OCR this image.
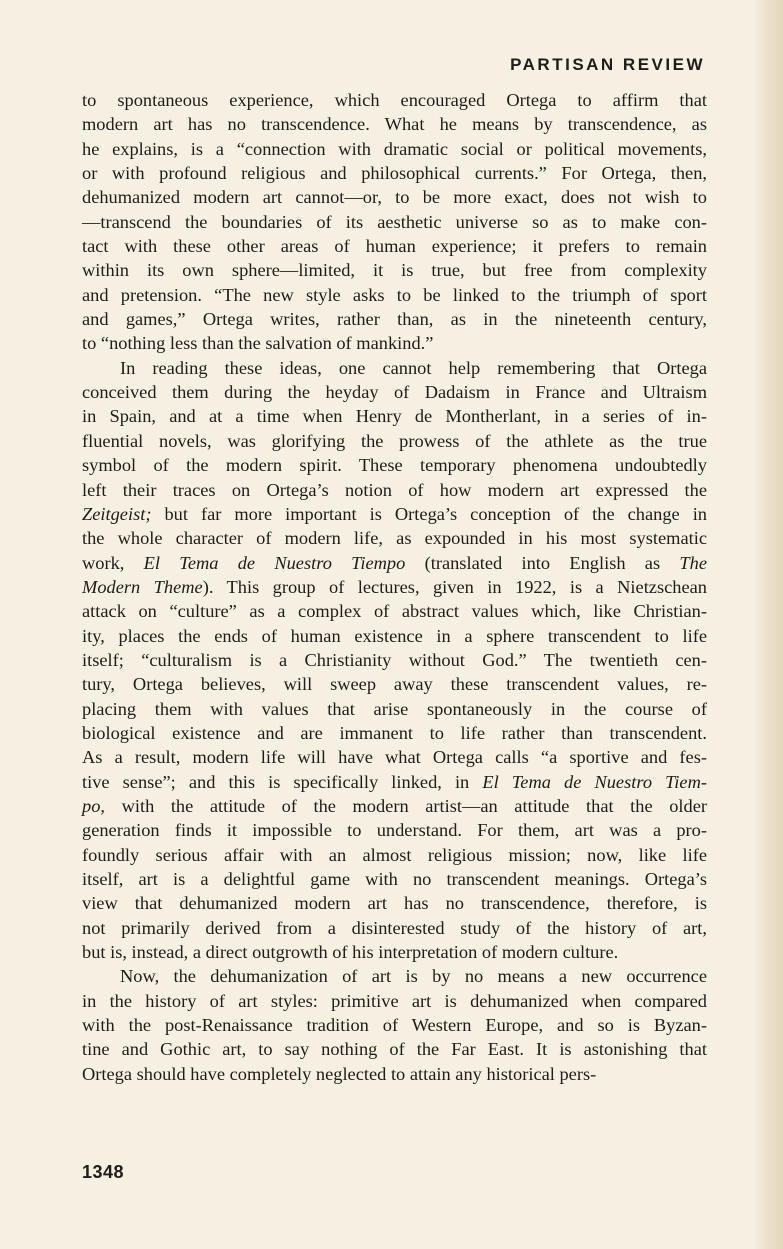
PARTISAN REVIEW

to spontaneous experience, which encouraged Ortega to affirm that
modern art has no transcendence. What he means by transcendence, as
he explains, is a “connection with dramatic social or political movements,
or with profound religious and philosophical currents.” For Ortega, then,
dehumanized modern art cannot—or, to be more exact, does not wish to
—transcend the boundaries of its aesthetic universe so as to make con-
tact with these other areas of human experience; it prefers to remain
within its own sphere—limited, it is true, but free from complexity
and pretension. “The new style asks to be linked to the triumph of sport
and games,” Ortega writes, rather than, as in the nineteenth century,
to “nothing less than the salvation of mankind.”

In reading these ideas, one cannot help remembering that Ortega
conceived them during the heyday of Dadaism in France and Ultraism
in Spain, and at a time when Henry de Montherlant, in a series of in-
fluential novels, was glorifying the prowess of the athlete as the true
symbol of the modern spirit. These temporary phenomena undoubtedly
left their traces on Ortega’s notion of how modern art expressed the
Zeitgeist; but far more important is Ortega’s conception of the change in
the whole character of modern life, as expounded in his most systematic
work, El Tema de Nuestro Tiempo (translated into English as The
Modern Theme). This group of lectures, given in 1922, is a Nietzschean
attack on “culture” as a complex of abstract values which, like Christian-
ity, places the ends of human existence in a sphere transcendent to life
itself; “culturalism is a Christianity without God.” The twentieth cen-
tury, Ortega believes, will sweep away these transcendent values, re-
placing them with values that arise spontaneously in the course of
biological existence and are immanent to life rather than transcendent.
As a result, modern life will have what Ortega calls “a sportive and fes-
tive sense”; and this is specifically linked, in El Tema de Nuestro Tiem-
po, with the attitude of the modern artist—an attitude that the older
generation finds it impossible to understand. For them, art was a pro-
foundly serious affair with an almost religious mission; now, like life
itself, art is a delightful game with no transcendent meanings. Ortega’s
view that dehumanized modern art has no transcendence, therefore, is
not primarily derived from a disinterested study of the history of art,
but is, instead, a direct outgrowth of his interpretation of modern culture.

Now, the dehumanization of art is by no means a new occurrence
in the history of art styles: primitive art is dehumanized when compared
with the post-Renaissance tradition of Western Europe, and so is Byzan-
tine and Gothic art, to say nothing of the Far East. It is astonishing that
Ortega should have completely neglected to attain any historical pers-

1348
